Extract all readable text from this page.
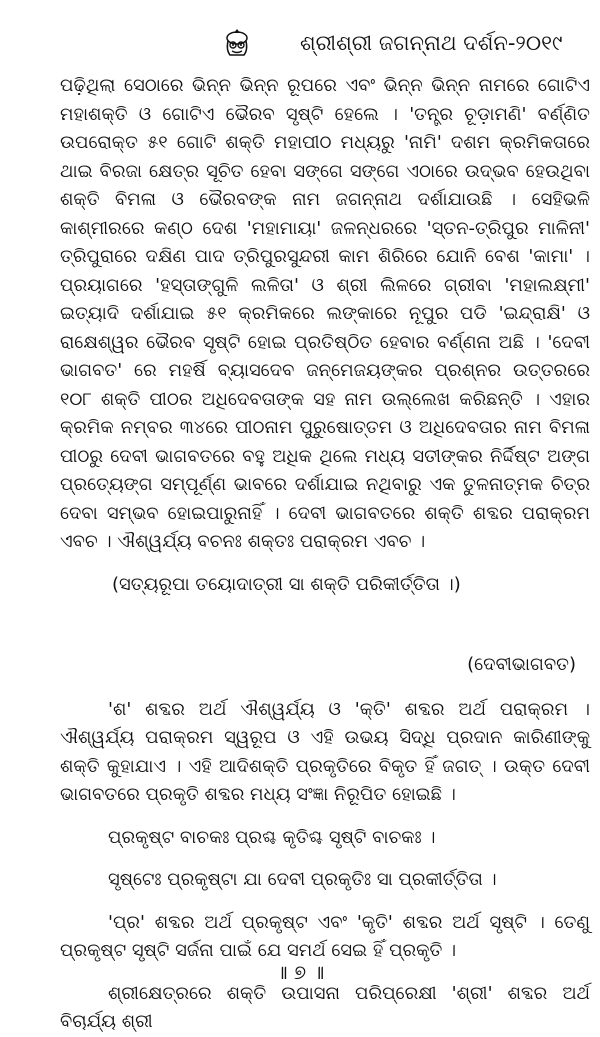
ଶ୍ରୀଶ୍ରୀ ଜଗନ୍ନାଥ ଦର୍ଶନ-୨୦୧୯

ପଢ଼ିଥିଲା ସେଠାରେ ଭିନ୍ନ ଭିନ୍ନ ରୂପରେ ଏବଂ ଭିନ୍ନ ଭିନ୍ନ ନାମରେ ଗୋଟିଏ ମହାଶକ୍ତି ଓ ଗୋଟିଏ ଭୈରବ ସୃଷ୍ଟି ହେଲେ । 'ତନ୍ତ୍ର ଚୂଡ଼ାମଣି' ବର୍ଣ୍ଣିତ ଉପରୋକ୍ତ ୫୧ ଗୋଟି ଶକ୍ତି ମହାପୀଠ ମଧ୍ୟରୁ 'ନାମି' ଦଶମ କ୍ରମିକତାରେ ଥାଇ ବିରଜା କ୍ଷେତ୍ର ସୂଚିତ ହେବା ସଙ୍ଗେ ସଙ୍ଗେ ଏଠାରେ ଉଦ୍‌ଭବ ହେଉଥିବା ଶକ୍ତି ବିମଳା ଓ ଭୈରବଙ୍କ ନାମ ଜଗନ୍ନାଥ ଦର୍ଶାଯାଉଛି । ସେହିଭଳି କାଶ୍ମୀରରେ କଣ୍ଠ ଦେଶ 'ମହାମାୟା' ଜଳନ୍ଧରରେ 'ସ୍ତନ-ତ୍ରିପୁର ମାଳିନୀ' ତ୍ରିପୁରାରେ ଦକ୍ଷିଣ ପାଦ ତ୍ରିପୁରସୁନ୍ଦରୀ କାମ ଶିରିରେ ଯୋନି ବେଶ 'କାମା' । ପ୍ରୟାଗରେ 'ହସ୍ତାଙ୍ଗୁଳି ଲଳିତା' ଓ ଶ୍ରୀ ଲିଳରେ ଗ୍ରୀବା 'ମହାଲକ୍ଷ୍ମୀ' ଇତ୍ୟାଦି ଦର୍ଶାଯାଇ ୫୧ କ୍ରମିକରେ ଲଙ୍କାରେ ନୂପୁର ପଡି 'ଇନ୍ଦ୍ରାକ୍ଷି' ଓ ରାକ୍ଷେଶ୍ୱର ଭୈରବ ସୃଷ୍ଟି ହୋଇ ପ୍ରତିଷ୍ଠିତ ହେବାର ବର୍ଣ୍ଣନା ଅଛି । 'ଦେବୀ ଭାଗବତ' ରେ ମହର୍ଷି ବ୍ୟାସଦେବ ଜନ୍ମେଜୟଙ୍କର ପ୍ରଶ୍ନର ଉତ୍ତରରେ ୧୦୮ ଶକ୍ତି ପୀଠର ଅଧିଦେବତାଙ୍କ ସହ ନାମ ଉଲ୍ଲେଖ କରିଛନ୍ତି । ଏହାର କ୍ରମିକ ନମ୍ବର ୩୪ରେ ପୀଠନାମ ପୁରୁଷୋତ୍ତମ ଓ ଅଧିଦେବତାର ନାମ ବିମଳା ପୀଠରୁ ଦେବୀ ଭାଗବତରେ ବହୁ ଅଧିକ ଥିଲେ ମଧ୍ୟ ସତୀଙ୍କର ନିର୍ଦ୍ଦିଷ୍ଟ ଅଙ୍ଗ ପ୍ରତ୍ୟେଙ୍ଗ ସମ୍ପୂର୍ଣ୍ଣ ଭାବରେ ଦର୍ଶାଯାଇ ନଥିବାରୁ ଏକ ତୁଳନାତ୍ମକ ଚିତ୍ର ଦେବା ସମ୍ଭବ ହୋଇପାରୁନାହିଁ । ଦେବୀ ଭାଗବତରେ ଶକ୍ତି ଶବ୍ଦର ପରାକ୍ରମ ଏବଚ । ଐଶ୍ୱର୍ଯ୍ୟ ବଚନଃ ଶକ୍ତଃ ପରାକ୍ରମ ଏବଚ ।

(ସତ୍ୟରୂପା ତୟୋଦାତ୍ରୀ ସା ଶକ୍ତି ପରିକୀର୍ତ୍ତିତା ।)

(ଦେବୀଭାଗବତ)

'ଶ' ଶବ୍ଦର ଅର୍ଥ ଐଶ୍ୱର୍ଯ୍ୟ ଓ 'କ୍ତି' ଶବ୍ଦର ଅର୍ଥ ପରାକ୍ରମ । ଐଶ୍ୱର୍ଯ୍ୟ ପରାକ୍ରମ ସ୍ୱରୂପ ଓ ଏହି ଉଭୟ ସିଦ୍ଧି ପ୍ରଦାନ କାରିଣୀଙ୍କୁ ଶକ୍ତି କୁହାଯାଏ । ଏହି ଆଦିଶକ୍ତି ପ୍ରକୃତିରେ ବିକୃତ ହିଁ ଜଗତ୍ । ଉକ୍ତ ଦେବୀ ଭାଗବତରେ ପ୍ରକୃତି ଶବ୍ଦର ମଧ୍ୟ ସଂଜ୍ଞା ନିରୂପିତ ହୋଇଛି ।

ପ୍ରକୃଷ୍ଟ ବାଚକଃ ପ୍ରଶ୍ଚ କୃତିଶ୍ଚ ସୃଷ୍ଟି ବାଚକଃ ।

ସୃଷ୍ଟେଃ ପ୍ରକୃଷ୍ଟା ଯା ଦେବୀ ପ୍ରକୃତିଃ ସା ପ୍ରକୀର୍ତ୍ତିତା ।

'ପ୍ର' ଶବ୍ଦର ଅର୍ଥ ପ୍ରକୃଷ୍ଟ ଏବଂ 'କୃତି' ଶବ୍ଦର ଅର୍ଥ ସୃଷ୍ଟି । ତେଣୁ ପ୍ରକୃଷ୍ଟ ସୃଷ୍ଟି ସର୍ଜନା ପାଇଁ ଯେ ସମର୍ଥ ସେଇ ହିଁ ପ୍ରକୃତି ।

ଶ୍ରୀକ୍ଷେତ୍ରରେ ଶକ୍ତି ଉପାସନା ପରିପ୍ରେକ୍ଷୀ 'ଶ୍ରୀ' ଶବ୍ଦର ଅର୍ଥ ବିଚାର୍ଯ୍ୟ ଶ୍ରୀ

॥ ୭ ॥
